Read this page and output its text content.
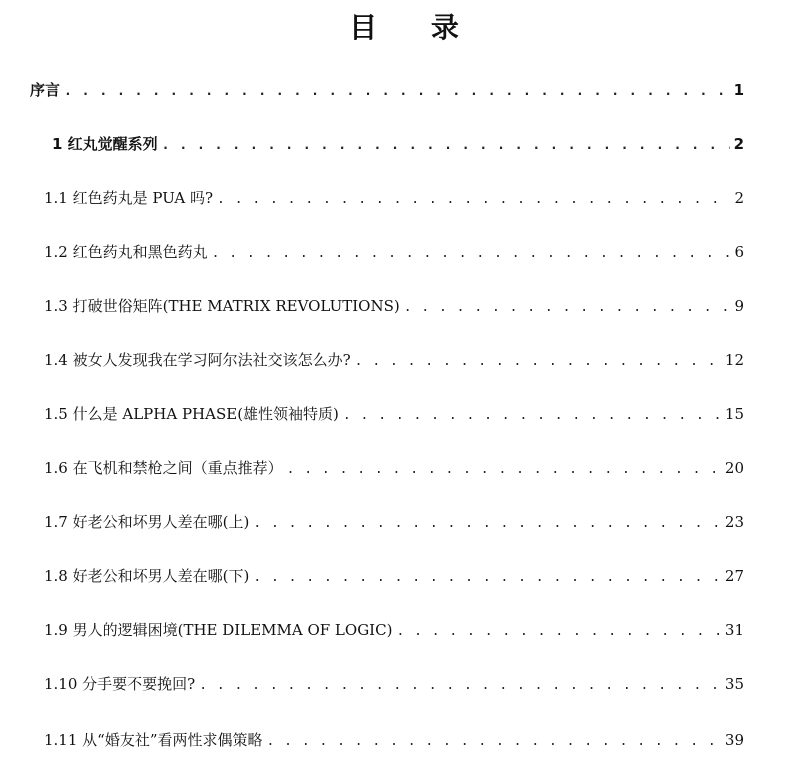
目 录
序言 . . .	1
1 红丸觉醒系列 . . .	2
1.1 红色药丸是 PUA 吗? . . .	2
1.2 红色药丸和黑色药丸 . . .	6
1.3 打破世俗矩阵(THE MATRIX REVOLUTIONS) . . .	9
1.4 被女人发现我在学习阿尔法社交该怎么办? . . .	12
1.5 什么是 ALPHA PHASE(雄性领袖特质) . . .	15
1.6 在飞机和禁枪之间（重点推荐） . . .	20
1.7 好老公和坏男人差在哪(上) . . .	23
1.8 好老公和坏男人差在哪(下) . . .	27
1.9 男人的逻辑困境(THE DILEMMA OF LOGIC) . . .	31
1.10 分手要不要挽回? . . .	35
1.11 从“婚友社”看两性求偶策略 . . .	39
